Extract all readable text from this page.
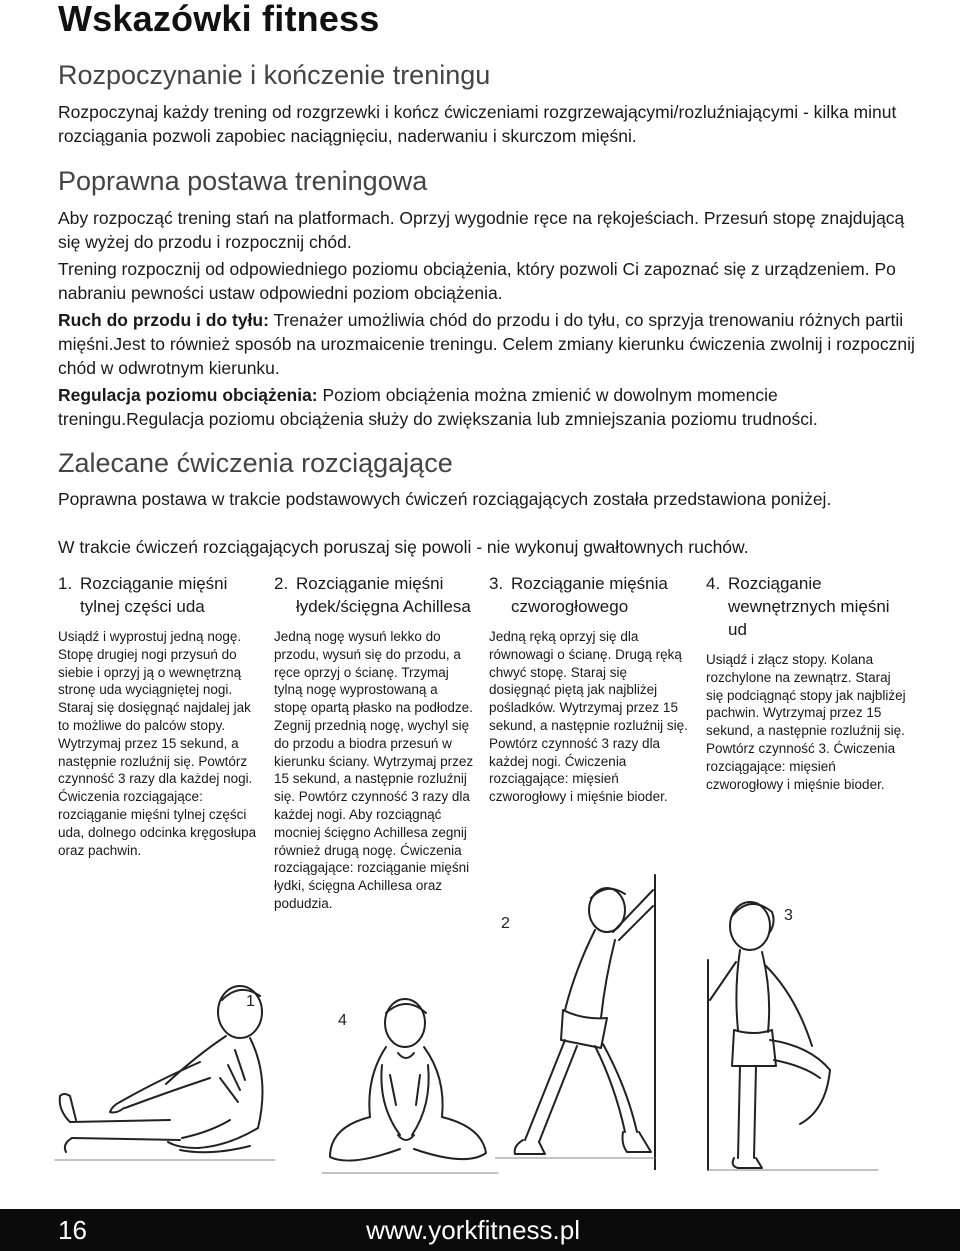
Wskazówki fitness
Rozpoczynanie i kończenie treningu

Rozpoczynaj każdy trening od rozgrzewki i kończ ćwiczeniami rozgrzewającymi/rozluźniającymi - kilka minut rozciągania pozwoli zapobiec naciągnięciu, naderwaniu i skurczom mięśni.

Poprawna postawa treningowa

Aby rozpocząć trening stań na platformach. Oprzyj wygodnie ręce na rękojeściach. Przesuń stopę znajdującą się wyżej do przodu i rozpocznij chód.

Trening rozpocznij od odpowiedniego poziomu obciążenia, który pozwoli Ci zapoznać się z urządzeniem. Po nabraniu pewności ustaw odpowiedni poziom obciążenia.

Ruch do przodu i do tyłu: Trenażer umożliwia chód do przodu i do tyłu, co sprzyja trenowaniu różnych partii mięśni.Jest to również sposób na urozmaicenie treningu. Celem zmiany kierunku ćwiczenia zwolnij i rozpocznij chód w odwrotnym kierunku.

Regulacja poziomu obciążenia: Poziom obciążenia można zmienić w dowolnym momencie treningu.Regulacja poziomu obciążenia służy do zwiększania lub zmniejszania poziomu trudności.

Zalecane ćwiczenia rozciągające

Poprawna postawa w trakcie podstawowych ćwiczeń rozciągających została przedstawiona poniżej.

W trakcie ćwiczeń rozciągających poruszaj się powoli - nie wykonuj gwałtownych ruchów.

1. Rozciąganie mięśni tylnej części uda

Usiądź i wyprostuj jedną nogę. Stopę drugiej nogi przysuń do siebie i oprzyj ją o wewnętrzną stronę uda wyciągniętej nogi. Staraj się dosięgnąć najdalej jak to możliwe do palców stopy. Wytrzymaj przez 15 sekund, a następnie rozluźnij się. Powtórz czynność 3 razy dla każdej nogi. Ćwiczenia rozciągające: rozciąganie mięśni tylnej części uda, dolnego odcinka kręgosłupa oraz pachwin.

2. Rozciąganie mięśni łydek/ścięgna Achillesa

Jedną nogę wysuń lekko do przodu, wysuń się do przodu, a ręce oprzyj o ścianę. Trzymaj tylną nogę wyprostowaną a stopę opartą płasko na podłodze. Zegnij przednią nogę, wychyl się do przodu a biodra przesuń w kierunku ściany. Wytrzymaj przez 15 sekund, a następnie rozluźnij się. Powtórz czynność 3 razy dla każdej nogi. Aby rozciągnąć mocniej ścięgno Achillesa zegnij również drugą nogę. Ćwiczenia rozciągające: rozciąganie mięśni łydki, ścięgna Achillesa oraz podudzia.

3. Rozciąganie mięśnia czworogłowego

Jedną ręką oprzyj się dla równowagi o ścianę. Drugą ręką chwyć stopę. Staraj się dosięgnąć piętą jak najbliżej pośladków. Wytrzymaj przez 15 sekund, a następnie rozluźnij się. Powtórz czynność 3 razy dla każdej nogi. Ćwiczenia rozciągające: mięsień czworogłowy i mięśnie bioder.

4. Rozciąganie wewnętrznych mięśni ud

Usiądź i złącz stopy. Kolana rozchylone na zewnątrz. Staraj się podciągnąć stopy jak najbliżej pachwin. Wytrzymaj przez 15 sekund, a następnie rozluźnij się. Powtórz czynność 3. Ćwiczenia rozciągające: mięsień czworogłowy i mięśnie bioder.

1
4
2	3
16	www.yorkfitness.pl
